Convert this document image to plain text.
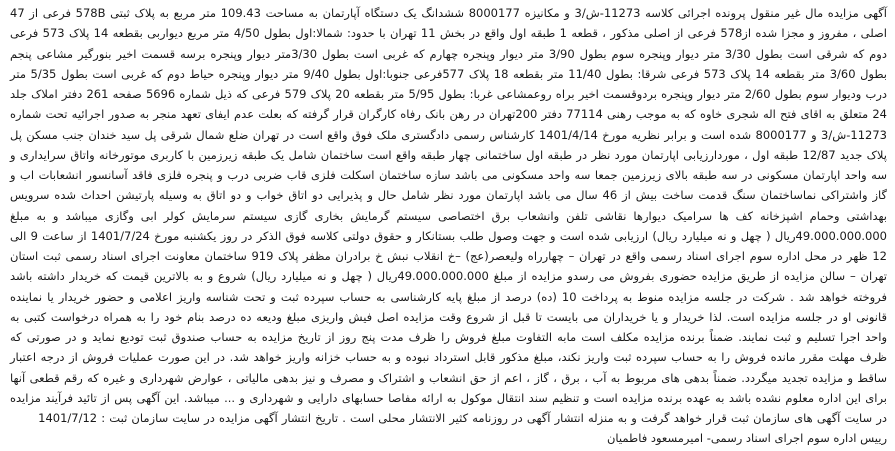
آگهی مزایده مال غیر منقول پرونده اجرائی کلاسه 11273-ش/3 و مکانیزه 8000177 ششدانگ یک دستگاه آپارتمان به مساحت 109.43 متر مربع به پلاک ثبتی 578B فرعی از 47 اصلی ، مفروز و مجزا شده از578 فرعی از اصلی مذکور ، قطعه 1 طبقه اول واقع در بخش 11 تهران با حدود: شمالا:اول بطول 4/50 متر مربع دیواربی بقطعه 14 پلاک 573 فرعی دوم که شرقی است بطول 3/30 متر دیوار وپنجره سوم بطول 3/90 متر دیوار وپنجره چهارم که غربی است بطول 3/30متر دیوار وپنجره برسه قسمت اخیر بنورگیر مشاعی پنجم بطول 3/60 متر بقطعه 14 پلاک 573 فرعی شرقا: بطول 11/40 متر بقطعه 18 پلاک 577فرعی جنوبا:اول بطول 9/40 متر دیوار وپنجره حیاط دوم که غربی است بطول 5/35 متر درب ودیوار سوم بطول 2/60 متر دیوار وپنجره بردوقسمت اخیر براه روعمشاعی غربا: بطول 5/95 متر بقطعه 20 پلاک 579 فرعی که ذیل شماره 5696 صفحه 261 دفتر املاک جلد 24 متعلق به اقای فتح اله شجری خاوه که به موجب رهنی 77114 دفتر 200تهران در رهن بانک رفاه کارگران قرار گرفته که بعلت عدم ایفای تعهد منجر به صدور اجرائیه تحت شماره 11273-ش/3 و 8000177 شده است و برابر نظریه مورخ 1401/4/14 کارشناس رسمی دادگستری ملک فوق واقع است در تهران ضلع شمال شرقی پل سید خندان جنب مسکن پل پلاک جدید 12/87 طبقه اول ، موردارزیابی اپارتمان مورد نظر در طبقه اول ساختمانی چهار طبقه واقع است ساختمان شامل یک طبقه زیرزمین با کاربری موتورخانه واتاق سرایداری و سه واحد اپارتمان مسکونی در سه طبقه بالای زیرزمین جمعا سه واحد مسکونی می باشد سازه ساختمان اسکلت فلزی قاب ضربی درب و پنجره فلزی فاقد آسانسور انشعابات اب و گاز واشتراکی نماساختمان سنگ قدمت ساخت بیش از 46 سال می باشد اپارتمان مورد نظر شامل حال و پذیرایی دو اتاق خواب و دو اتاق به وسیله پارتیشن احداث شده سرویس بهداشتی وحمام اشپزخانه کف ها سرامیک دیوارها نقاشی تلفن وانشعاب برق اختصاصی سیستم گرمایش بخاری گازی سیستم سرمایش کولر ابی وگازی میباشد و به مبلغ 49.000.000.000ریال ( چهل و نه میلیارد ریال) ارزیابی شده است و جهت وصول طلب بستانکار و حقوق دولتی کلاسه فوق الذکر در روز یکشنبه مورخ 1401/7/24 از ساعت 9 الی 12 ظهر در محل اداره سوم اجرای اسناد رسمی واقع در تهران – چهارراه ولیعصر(عج) –خ انقلاب نبش خ برادران مظفر پلاک 919 ساختمان معاونت اجرای اسناد رسمی ثبت استان تهران – سالن مزایده از طریق مزایده حضوری بفروش می رسدو مزایده از مبلغ 49.000.000.000ریال ( چهل و نه میلیارد ریال) شروع و به بالاترین قیمت که خریدار داشته باشد فروخته خواهد شد . شرکت در جلسه مزایده منوط به پرداخت 10 (ده) درصد از مبلغ پایه کارشناسی به حساب سپرده ثبت و تحت شناسه واریز اعلامی و حضور خریدار یا نماینده قانونی او در جلسه مزایده است. لذا خریدار و یا خریداران می بایست تا قبل از شروع وقت مزایده اصل فیش واریزی مبلغ ودیعه ده درصد بنام خود را به همراه درخواست کتبی به واحد اجرا تسلیم و ثبت نمایند. ضمناً برنده مزایده مکلف است مابه التفاوت مبلغ فروش را ظرف مدت پنج روز از تاریخ مزایده به حساب صندوق ثبت تودیع نماید و در صورتی که ظرف مهلت مقرر مانده فروش را به حساب سپرده ثبت واریز نکند، مبلغ مذکور قابل استرداد نبوده و به حساب خزانه واریز خواهد شد. در این صورت عملیات فروش از درجه اعتبار ساقط و مزایده تجدید میگردد. ضمناً بدهی های مربوط به آب ، برق ، گاز ، اعم از حق انشعاب و اشتراک و مصرف و نیز بدهی مالیاتی ، عوارض شهرداری و غیره که رقم قطعی آنها برای این اداره معلوم نشده باشد به عهده برنده مزایده است و تنظیم سند انتقال موکول به ارائه مفاصا حسابهای دارایی و شهرداری و ... میباشد. این آگهی پس از تائید فرآیند مزایده در سایت آگهی های سازمان ثبت قرار خواهد گرفت و به منزله انتشار آگهی در روزنامه کثیر الانتشار محلی است . تاریخ انتشار آگهی مزایده در سایت سازمان ثبت : 1401/7/12

رییس اداره سوم اجرای اسناد رسمی- امیرمسعود فاطمیان
